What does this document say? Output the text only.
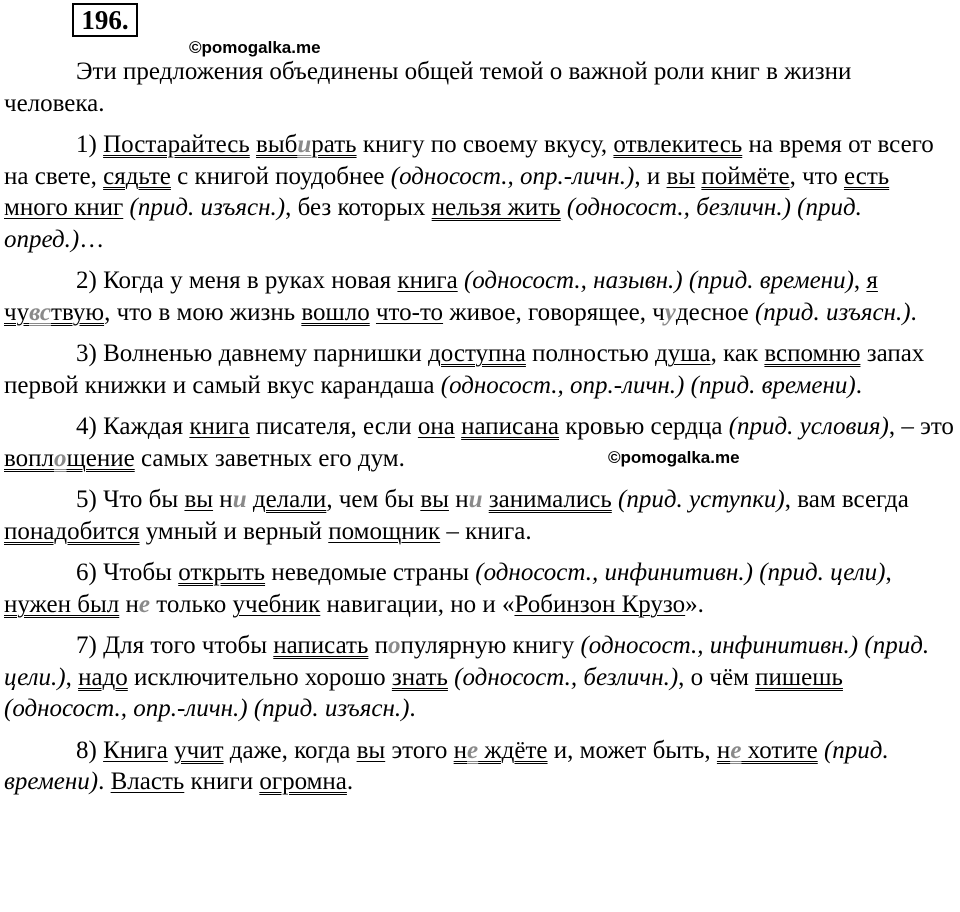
196.
©pomogalka.me

Эти предложения объединены общей темой о важной роли книг в жизни человека.

1) Постарайтесь выбирать книгу по своему вкусу, отвлекитесь на время от всего на свете, сядьте с книгой поудобнее (односост., опр.-личн.), и вы поймёте, что есть много книг (прид. изъясн.), без которых нельзя жить (односост., безличн.) (прид. опред.)…

2) Когда у меня в руках новая книга (односост., назывн.) (прид. времени), я чувствую, что в мою жизнь вошло что-то живое, говорящее, чудесное (прид. изъясн.).

3) Волненью давнему парнишки доступна полностью душа, как вспомню запах первой книжки и самый вкус карандаша (односост., опр.-личн.) (прид. времени).

4) Каждая книга писателя, если она написана кровью сердца (прид. условия), – это воплощение самых заветных его дум.

5) Что бы вы ни делали, чем бы вы ни занимались (прид. уступки), вам всегда понадобится умный и верный помощник – книга.

6) Чтобы открыть неведомые страны (односост., инфинитивн.) (прид. цели), нужен был не только учебник навигации, но и «Робинзон Крузо».

7) Для того чтобы написать популярную книгу (односост., инфинитивн.) (прид. цели.), надо исключительно хорошо знать (односост., безличн.), о чём пишешь (односост., опр.-личн.) (прид. изъясн.).

8) Книга учит даже, когда вы этого не ждёте и, может быть, не хотите (прид. времени). Власть книги огромна.

©pomogalka.me
